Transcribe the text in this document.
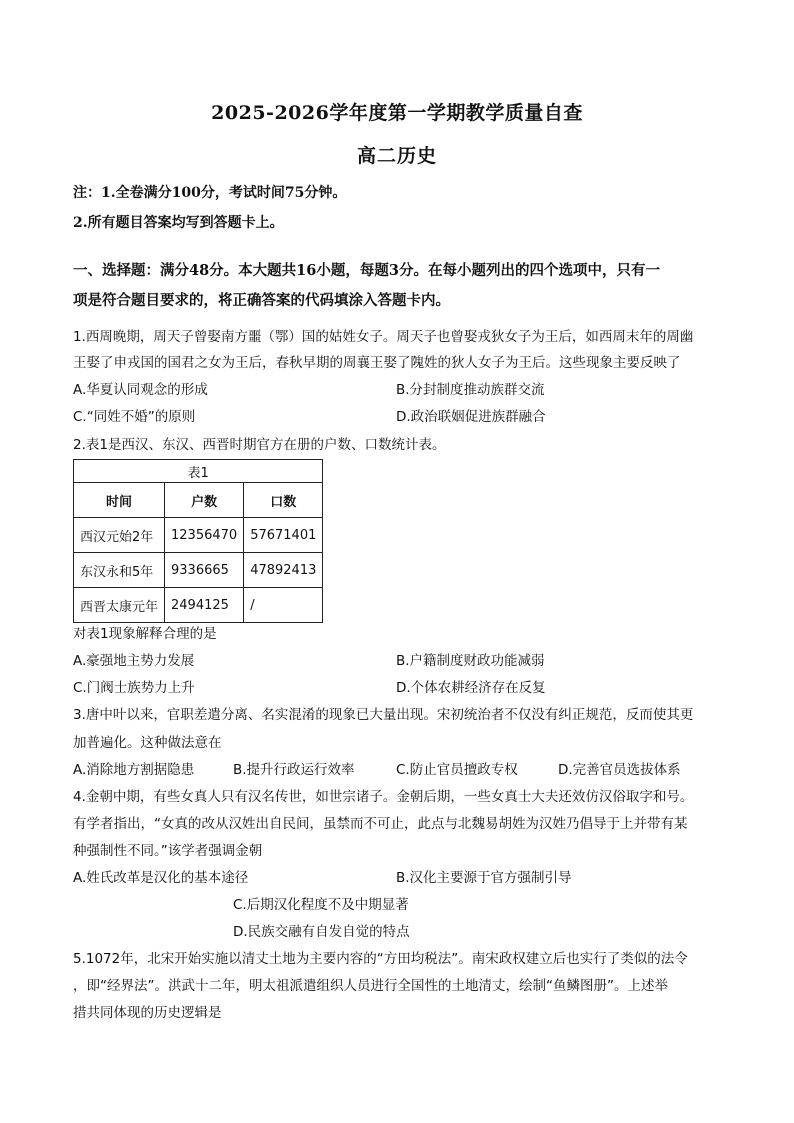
2025-2026学年度第一学期教学质量自查
高二历史
注：1.全卷满分100分，考试时间75分钟。
2.所有题目答案均写到答题卡上。
一、选择题：满分48分。本大题共16小题，每题3分。在每小题列出的四个选项中，只有一
项是符合题目要求的，将正确答案的代码填涂入答题卡内。
1.西周晚期，周天子曾娶南方噩（鄂）国的姑姓女子。周天子也曾娶戎狄女子为王后，如西周末年的周幽
王娶了申戎国的国君之女为王后，春秋早期的周襄王娶了隗姓的狄人女子为王后。这些现象主要反映了
A.华夏认同观念的形成	B.分封制度推动族群交流
C.“同姓不婚”的原则	D.政治联姻促进族群融合
2.表1是西汉、东汉、西晋时期官方在册的户数、口数统计表。
表1		
时间	户数	口数
西汉元始2年	12356470	57671401
东汉永和5年	9336665	47892413
西晋太康元年	2494125	/
对表1现象解释合理的是
A.豪强地主势力发展	B.户籍制度财政功能减弱
C.门阀士族势力上升	D.个体农耕经济存在反复
3.唐中叶以来，官职差遣分离、名实混淆的现象已大量出现。宋初统治者不仅没有纠正规范，反而使其更
加普遍化。这种做法意在
A.消除地方割据隐患	B.提升行政运行效率	C.防止官员擅政专权	D.完善官员选拔体系
4.金朝中期，有些女真人只有汉名传世，如世宗诸子。金朝后期，一些女真士大夫还效仿汉俗取字和号。
有学者指出，“女真的改从汉姓出自民间，虽禁而不可止，此点与北魏易胡姓为汉姓乃倡导于上并带有某
种强制性不同。”该学者强调金朝
A.姓氏改革是汉化的基本途径	B.汉化主要源于官方强制引导
C.后期汉化程度不及中期显著
D.民族交融有自发自觉的特点
5.1072年，北宋开始实施以清丈土地为主要内容的“方田均税法”。南宋政权建立后也实行了类似的法令
，即“经界法”。洪武十二年，明太祖派遣组织人员进行全国性的土地清丈，绘制“鱼鳞图册”。上述举
措共同体现的历史逻辑是
